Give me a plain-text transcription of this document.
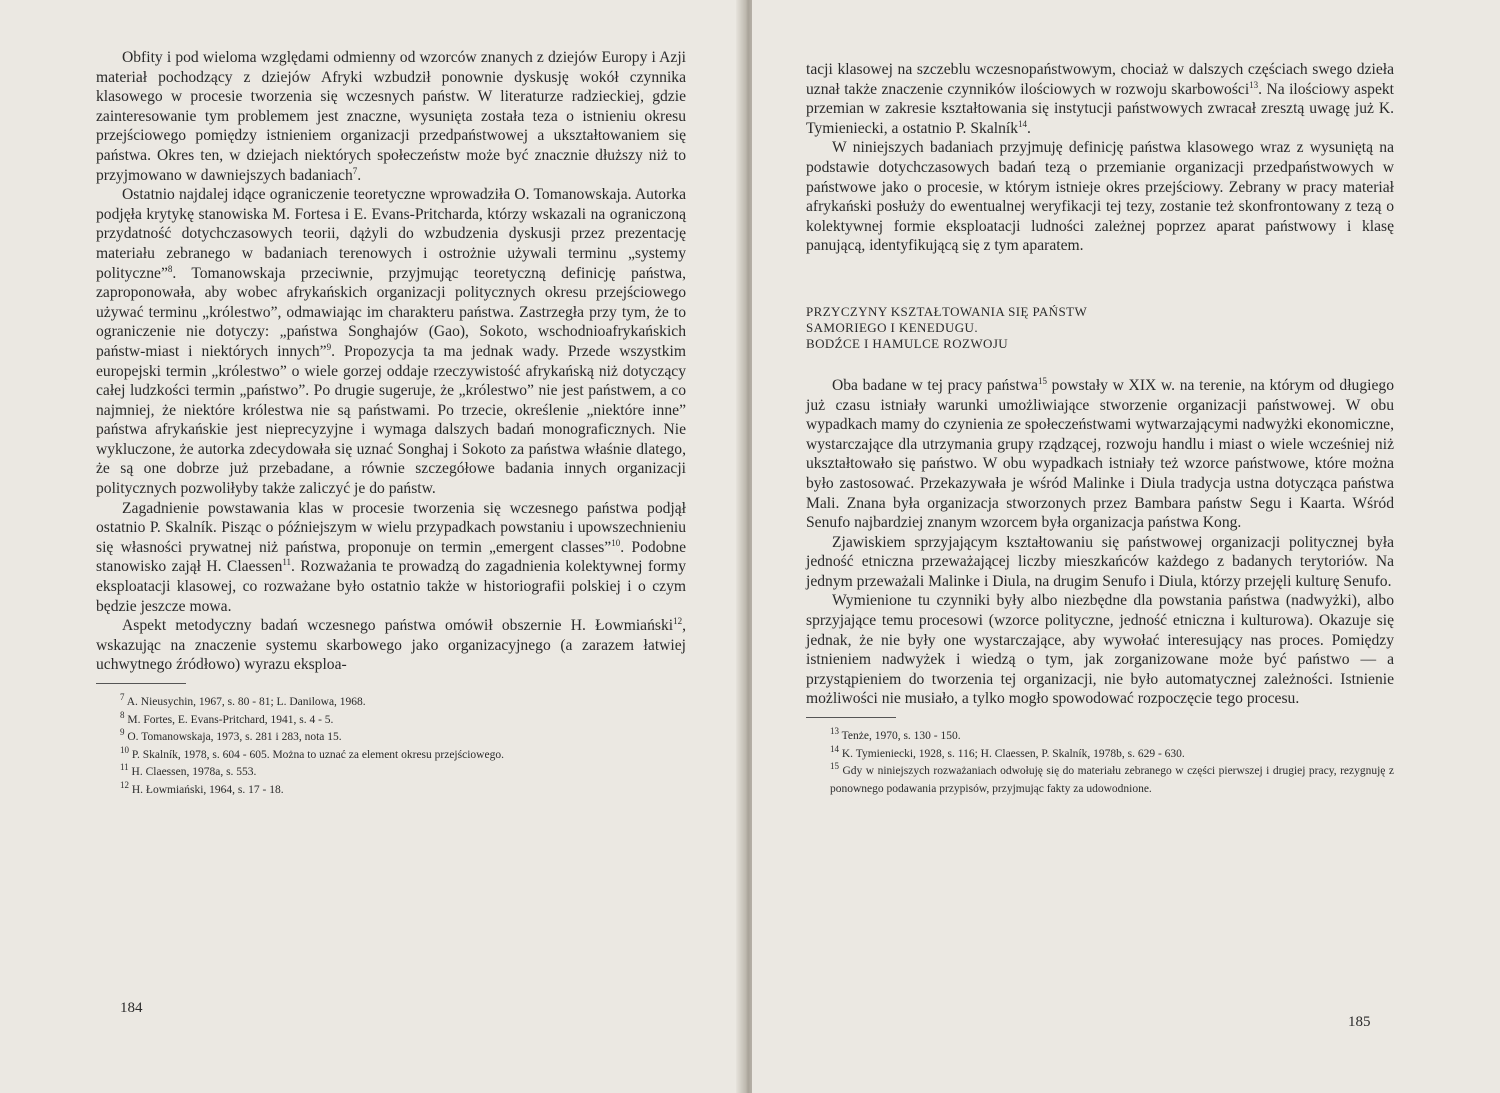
Obfity i pod wieloma względami odmienny od wzorców znanych z dziejów Europy i Azji materiał pochodzący z dziejów Afryki wzbudził ponownie dyskusję wokół czynnika klasowego w procesie tworzenia się wczesnych państw. W literaturze radzieckiej, gdzie zainteresowanie tym problemem jest znaczne, wysunięta została teza o istnieniu okresu przejściowego pomiędzy istnieniem organizacji przedpaństwowej a ukształtowaniem się państwa. Okres ten, w dziejach niektórych społeczeństw może być znacznie dłuższy niż to przyjmowano w dawniejszych badaniach$^7$.

Ostatnio najdalej idące ograniczenie teoretyczne wprowadziła O. Tomanowskaja. Autorka podjęła krytykę stanowiska M. Fortesa i E. Evans-Pritcharda, którzy wskazali na ograniczoną przydatność dotychczasowych teorii, dążyli do wzbudzenia dyskusji przez prezentację materiału zebranego w badaniach terenowych i ostrożnie używali terminu „systemy polityczne”$^8$. Tomanowskaja przeciwnie, przyjmując teoretyczną definicję państwa, zaproponowała, aby wobec afrykańskich organizacji politycznych okresu przejściowego używać terminu „królestwo”, odmawiając im charakteru państwa. Zastrzegła przy tym, że to ograniczenie nie dotyczy: „państwa Songhajów (Gao), Sokoto, wschodnioafrykańskich państw-miast i niektórych innych”$^9$. Propozycja ta ma jednak wady. Przede wszystkim europejski termin „królestwo” o wiele gorzej oddaje rzeczywistość afrykańską niż dotyczący całej ludzkości termin „państwo”. Po drugie sugeruje, że „królestwo” nie jest państwem, a co najmniej, że niektóre królestwa nie są państwami. Po trzecie, określenie „niektóre inne” państwa afrykańskie jest nieprecyzyjne i wymaga dalszych badań monograficznych. Nie wykluczone, że autorka zdecydowała się uznać Songhaj i Sokoto za państwa właśnie dlatego, że są one dobrze już przebadane, a równie szczegółowe badania innych organizacji politycznych pozwoliłyby także zaliczyć je do państw.

Zagadnienie powstawania klas w procesie tworzenia się wczesnego państwa podjął ostatnio P. Skalník. Pisząc o późniejszym w wielu przypadkach powstaniu i upowszechnieniu się własności prywatnej niż państwa, proponuje on termin „emergent classes”$^{10}$. Podobne stanowisko zajął H. Claessen$^{11}$. Rozważania te prowadzą do zagadnienia kolektywnej formy eksploatacji klasowej, co rozważane było ostatnio także w historiografii polskiej i o czym będzie jeszcze mowa.

Aspekt metodyczny badań wczesnego państwa omówił obszernie H. Łowmiański$^{12}$, wskazując na znaczenie systemu skarbowego jako organizacyjnego (a zarazem łatwiej uchwytnego źródłowo) wyrazu eksploa-

$^7$ A. Nieusychin, 1967, s. 80 - 81; L. Danilowa, 1968.
$^8$ M. Fortes, E. Evans-Pritchard, 1941, s. 4 - 5.
$^9$ O. Tomanowskaja, 1973, s. 281 i 283, nota 15.
$^{10}$ P. Skalník, 1978, s. 604 - 605. Można to uznać za element okresu przejściowego.
$^{11}$ H. Claessen, 1978a, s. 553.
$^{12}$ H. Łowmiański, 1964, s. 17 - 18.
184

tacji klasowej na szczeblu wczesnopaństwowym, chociaż w dalszych częściach swego dzieła uznał także znaczenie czynników ilościowych w rozwoju skarbowości$^{13}$. Na ilościowy aspekt przemian w zakresie kształtowania się instytucji państwowych zwracał zresztą uwagę już K. Tymieniecki, a ostatnio P. Skalník$^{14}$.

W niniejszych badaniach przyjmuję definicję państwa klasowego wraz z wysuniętą na podstawie dotychczasowych badań tezą o przemianie organizacji przedpaństwowych w państwowe jako o procesie, w którym istnieje okres przejściowy. Zebrany w pracy materiał afrykański posłuży do ewentualnej weryfikacji tej tezy, zostanie też skonfrontowany z tezą o kolektywnej formie eksploatacji ludności zależnej poprzez aparat państwowy i klasę panującą, identyfikującą się z tym aparatem.

PRZYCZYNY KSZTAŁTOWANIA SIĘ PAŃSTW
SAMORIEGO I KENEDUGU.
BODŹCE I HAMULCE ROZWOJU

Oba badane w tej pracy państwa$^{15}$ powstały w XIX w. na terenie, na którym od długiego już czasu istniały warunki umożliwiające stworzenie organizacji państwowej. W obu wypadkach mamy do czynienia ze społeczeństwami wytwarzającymi nadwyżki ekonomiczne, wystarczające dla utrzymania grupy rządzącej, rozwoju handlu i miast o wiele wcześniej niż ukształtowało się państwo. W obu wypadkach istniały też wzorce państwowe, które można było zastosować. Przekazywała je wśród Malinke i Diula tradycja ustna dotycząca państwa Mali. Znana była organizacja stworzonych przez Bambara państw Segu i Kaarta. Wśród Senufo najbardziej znanym wzorcem była organizacja państwa Kong.

Zjawiskiem sprzyjającym kształtowaniu się państwowej organizacji politycznej była jedność etniczna przeważającej liczby mieszkańców każdego z badanych terytoriów. Na jednym przeważali Malinke i Diula, na drugim Senufo i Diula, którzy przejęli kulturę Senufo.

Wymienione tu czynniki były albo niezbędne dla powstania państwa (nadwyżki), albo sprzyjające temu procesowi (wzorce polityczne, jedność etniczna i kulturowa). Okazuje się jednak, że nie były one wystarczające, aby wywołać interesujący nas proces. Pomiędzy istnieniem nadwyżek i wiedzą o tym, jak zorganizowane może być państwo — a przystąpieniem do tworzenia tej organizacji, nie było automatycznej zależności. Istnienie możliwości nie musiało, a tylko mogło spowodować rozpoczęcie tego procesu.

$^{13}$ Tenże, 1970, s. 130 - 150.
$^{14}$ K. Tymieniecki, 1928, s. 116; H. Claessen, P. Skalník, 1978b, s. 629 - 630.
$^{15}$ Gdy w niniejszych rozważaniach odwołuję się do materiału zebranego w części pierwszej i drugiej pracy, rezygnuję z ponownego podawania przypisów, przyjmując fakty za udowodnione.
185
